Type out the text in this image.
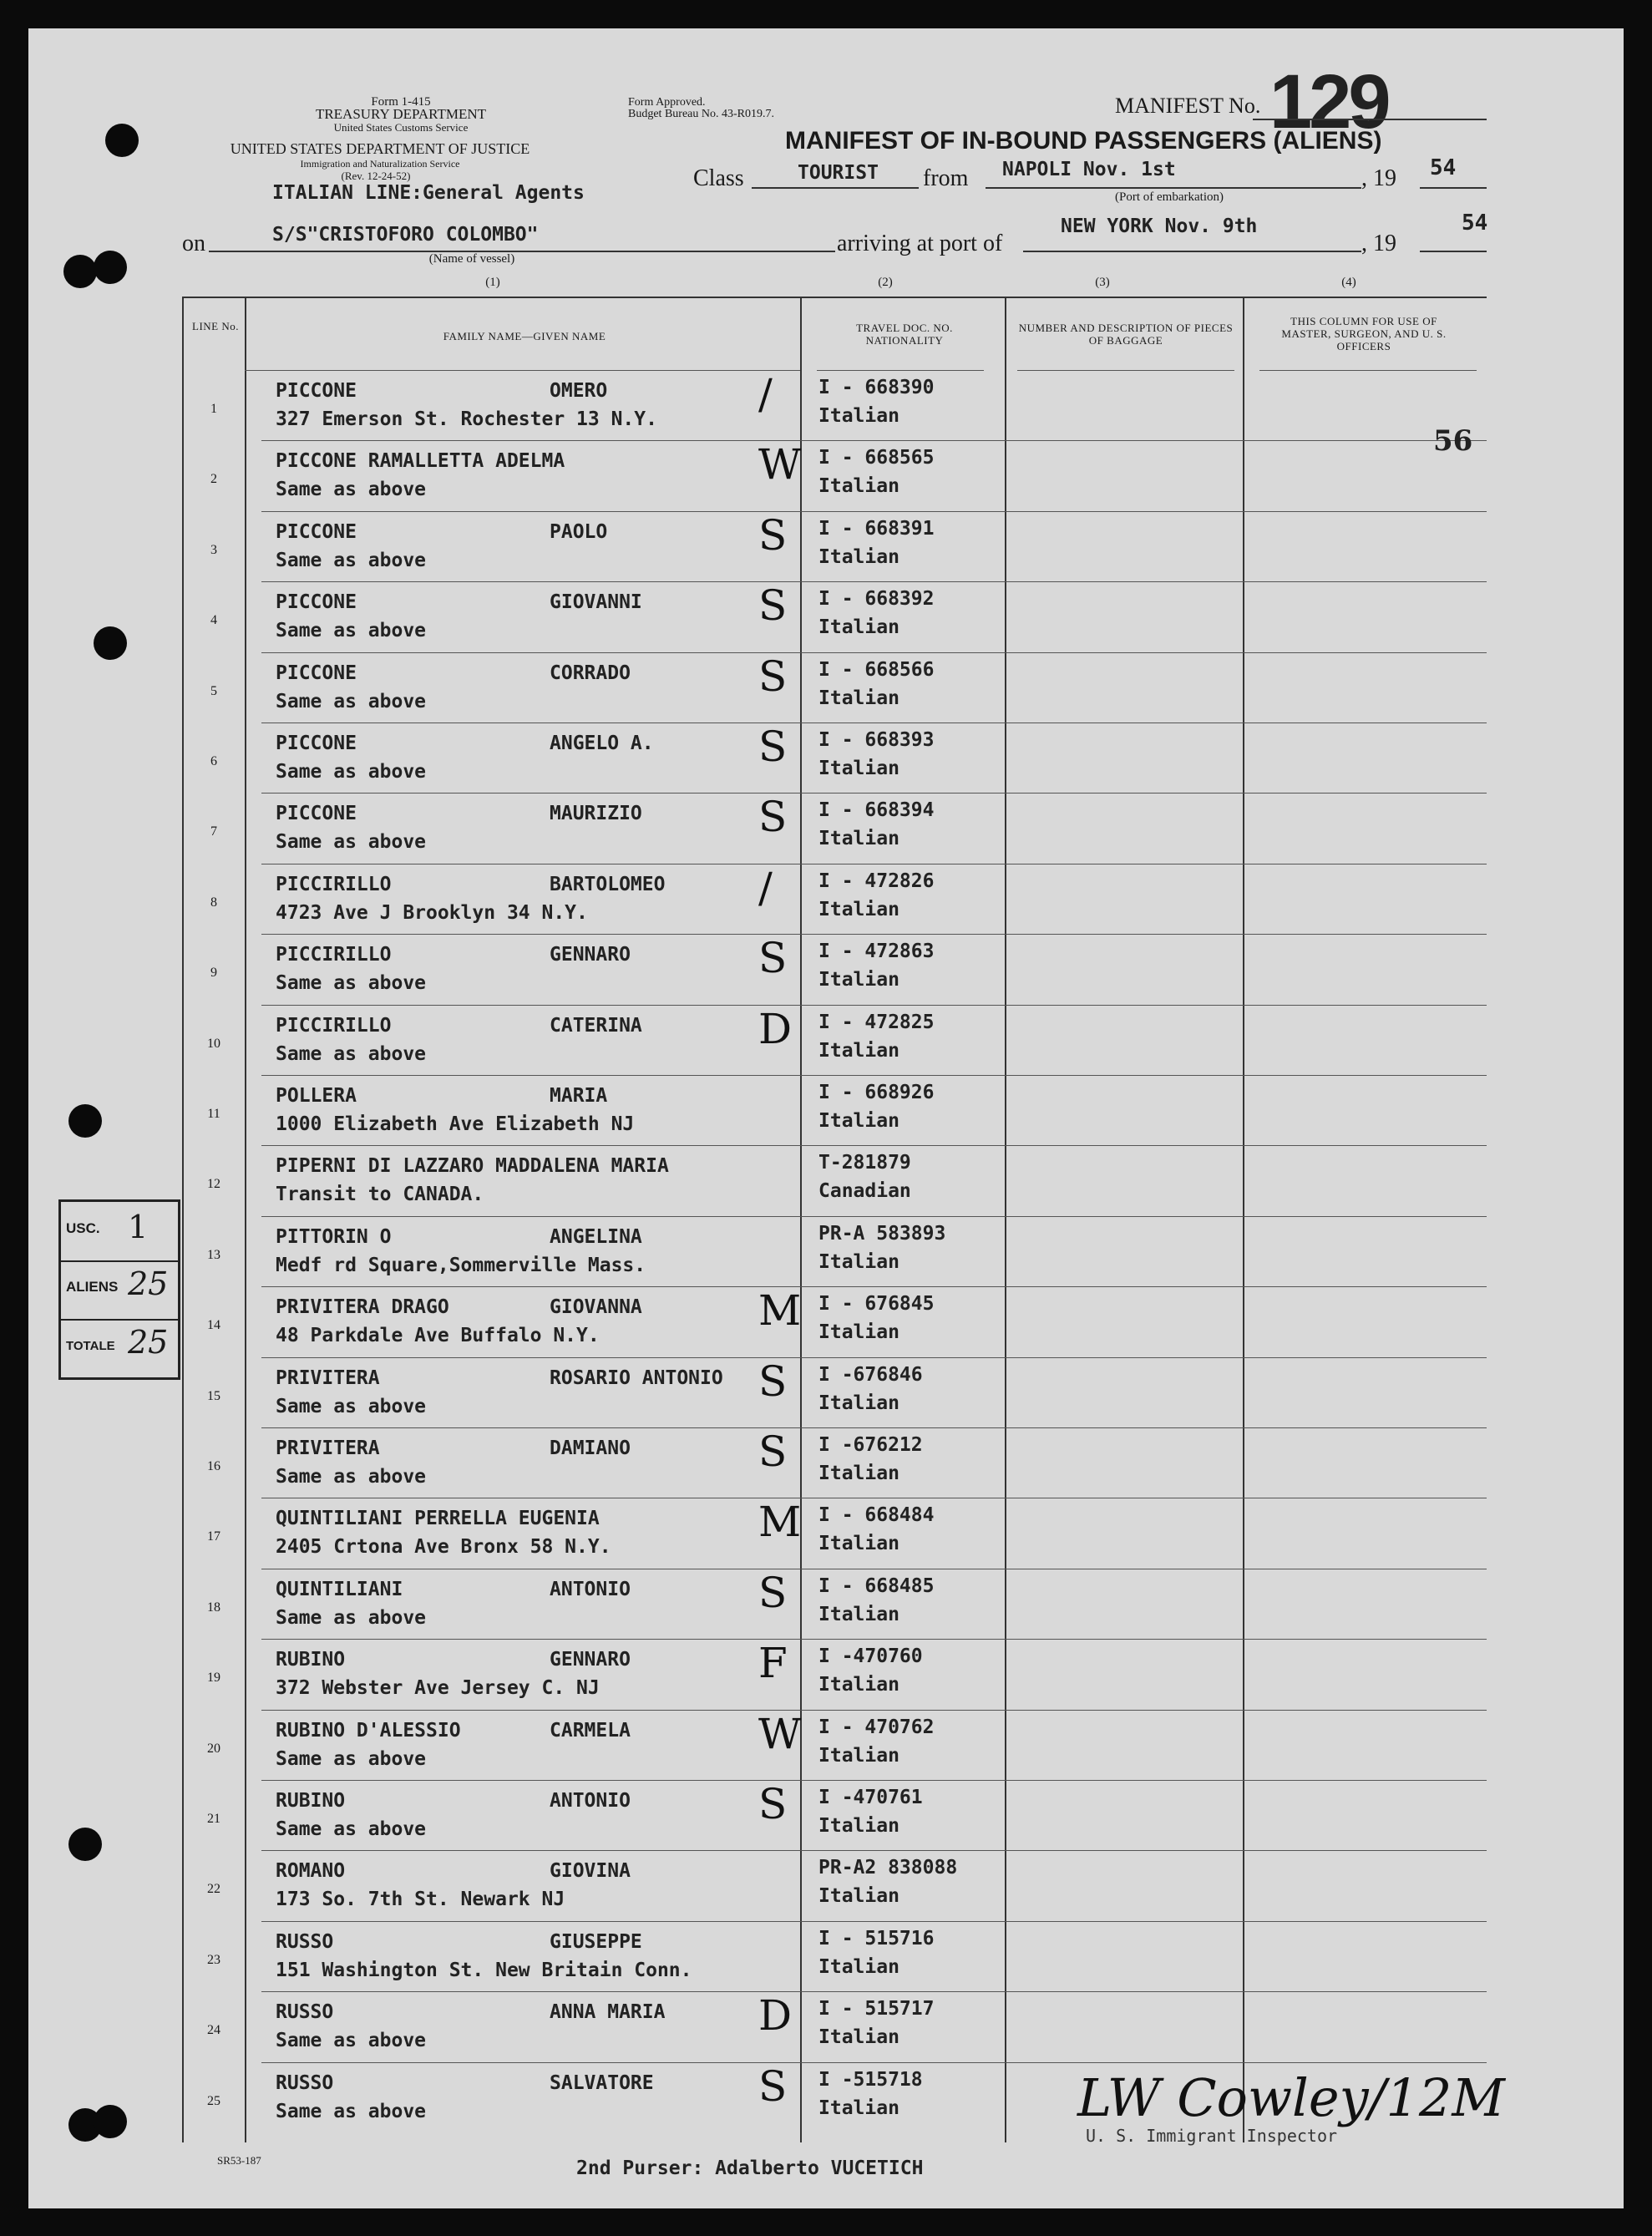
Form 1-415
TREASURY DEPARTMENT
United States Customs Service
UNITED STATES DEPARTMENT OF JUSTICE
Immigration and Naturalization Service
(Rev. 12-24-52)
Form Approved.
Budget Bureau No. 43-R019.7.	MANIFEST No. 129
MANIFEST OF IN-BOUND PASSENGERS (ALIENS)
ITALIAN LINE:General Agents
Class	TOURIST from NAPOLI Nov. 1st	, 19 54
(Port of embarkation)
on	S/S"CRISTOFORO COLOMBO"
(Name of vessel)
arriving at port of
NEW YORK Nov. 9th
, 19
54
(1)	(2)	(3)	(4)
LINE No.
FAMILY NAME—GIVEN NAME
TRAVEL DOC. NO. NATIONALITY
NUMBER AND DESCRIPTION OF PIECES OF BAGGAGE
THIS COLUMN FOR USE OF MASTER, SURGEON, AND U. S. OFFICERS
1
PICCONE	OMERO
327 Emerson St. Rochester 13 N.Y.
I - 668390
Italian
/
2
PICCONE RAMALLETTA ADELMA
Same as above
I - 668565
Italian
W
3
PICCONE	PAOLO
Same as above
I - 668391
Italian
S
4
PICCONE	GIOVANNI
Same as above
I - 668392
Italian
S
5
PICCONE	CORRADO
Same as above
I - 668566
Italian
S
6
PICCONE	ANGELO A.
Same as above
I - 668393
Italian
S
7
PICCONE	MAURIZIO
Same as above
I - 668394
Italian
S
8
PICCIRILLO	BARTOLOMEO
4723 Ave J Brooklyn 34 N.Y.
I - 472826
Italian
/
9
PICCIRILLO	GENNARO
Same as above
I - 472863
Italian
S
10
PICCIRILLO	CATERINA
Same as above
I - 472825
Italian
D
11
POLLERA	MARIA
1000 Elizabeth Ave Elizabeth NJ
I - 668926
Italian
12
PIPERNI DI LAZZARO MADDALENA MARIA
Transit to CANADA.
T-281879
Canadian
13
PITTORIN O	ANGELINA
Medf rd Square,Sommerville Mass.
PR-A 583893
Italian
14
PRIVITERA DRAGO	GIOVANNA
48 Parkdale Ave Buffalo N.Y.
I - 676845
Italian
M
15
PRIVITERA	ROSARIO ANTONIO
Same as above
I -676846
Italian
S
16
PRIVITERA	DAMIANO
Same as above
I -676212
Italian
S
17
QUINTILIANI PERRELLA EUGENIA
2405 Crtona Ave Bronx 58 N.Y.
I - 668484
Italian
M
18
QUINTILIANI	ANTONIO
Same as above
I - 668485
Italian
S
19
RUBINO	GENNARO
372 Webster Ave Jersey C. NJ
I -470760
Italian
F
20
RUBINO D'ALESSIO	CARMELA
Same as above
I - 470762
Italian
W
21
RUBINO	ANTONIO
Same as above
I -470761
Italian
S
22
ROMANO	GIOVINA
173 So. 7th St. Newark NJ
PR-A2 838088
Italian
23
RUSSO	GIUSEPPE
151 Washington St. New Britain Conn.
I - 515716
Italian
24
RUSSO	ANNA MARIA
Same as above
I - 515717
Italian
D
25
RUSSO	SALVATORE
Same as above
I -515718
Italian
S
56
USC. 1
ALIENS 25
TOTALE 25
LW Cowley/12M
U. S. Immigrant Inspector
SR53-187	2nd Purser: Adalberto VUCETICH
